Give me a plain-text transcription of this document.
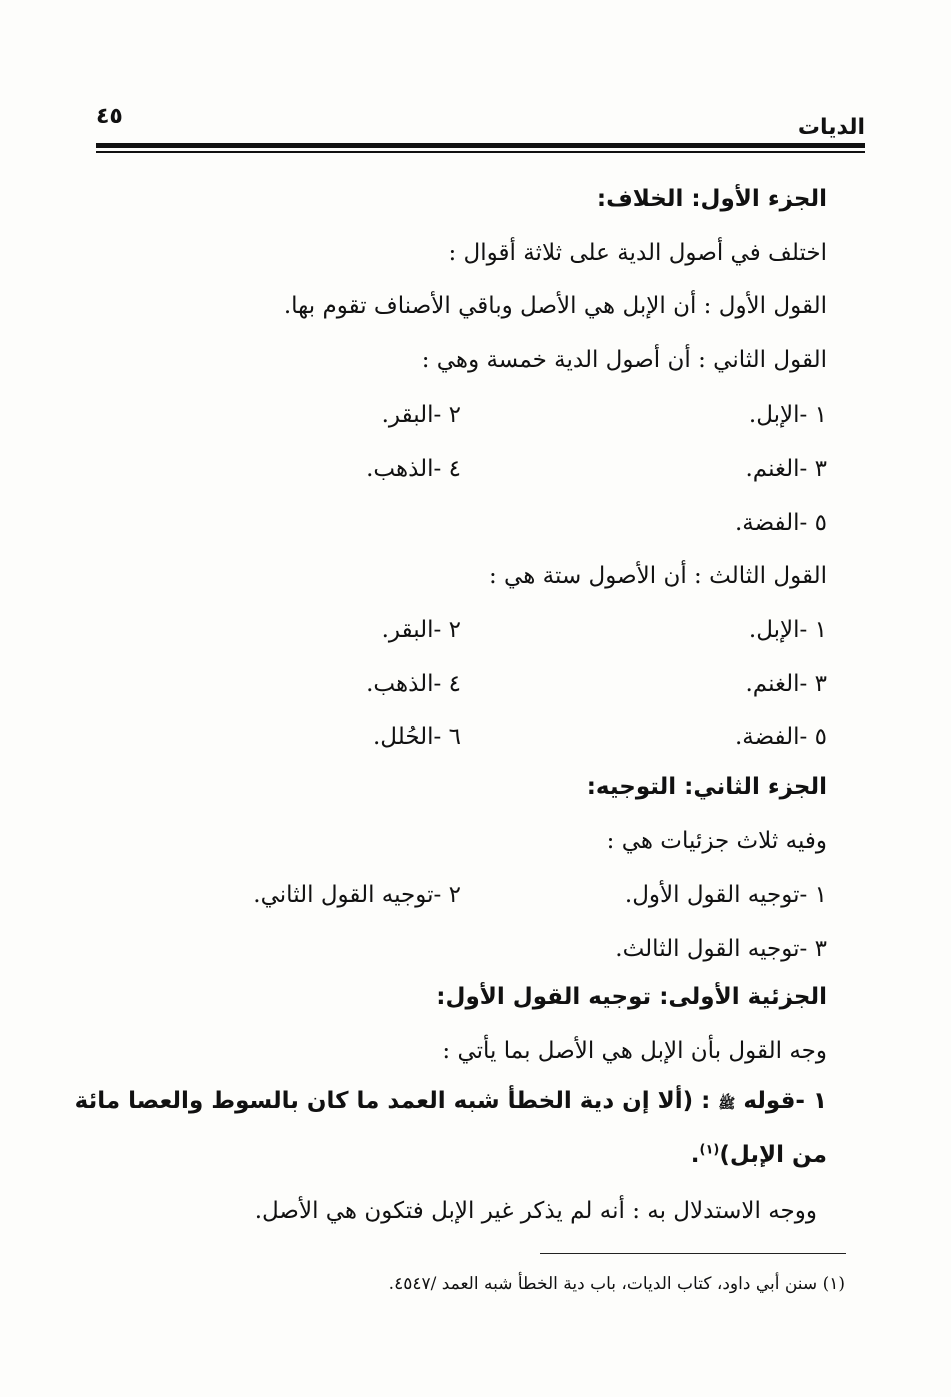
الديات
٤٥
الجزء الأول: الخلاف:
اختلف في أصول الدية على ثلاثة أقوال :
القول الأول : أن الإبل هي الأصل وباقي الأصناف تقوم بها.
القول الثاني : أن أصول الدية خمسة وهي :
١ -الإبل.
٢ -البقر.
٣ -الغنم.
٤ -الذهب.
٥ -الفضة.
القول الثالث : أن الأصول ستة هي :
١ -الإبل.
٢ -البقر.
٣ -الغنم.
٤ -الذهب.
٥ -الفضة.
٦ -الحُلل.
الجزء الثاني: التوجيه:
وفيه ثلاث جزئيات هي :
١ -توجيه القول الأول.
٢ -توجيه القول الثاني.
٣ -توجيه القول الثالث.
الجزئية الأولى: توجيه القول الأول:
وجه القول بأن الإبل هي الأصل بما يأتي :
١ -قوله ﷺ : (ألا إن دية الخطأ شبه العمد ما كان بالسوط والعصا مائة
من الإبل)$^{(١)}$.
ووجه الاستدلال به : أنه لم يذكر غير الإبل فتكون هي الأصل.
(١) سنن أبي داود، كتاب الديات، باب دية الخطأ شبه العمد /٤٥٤٧.
